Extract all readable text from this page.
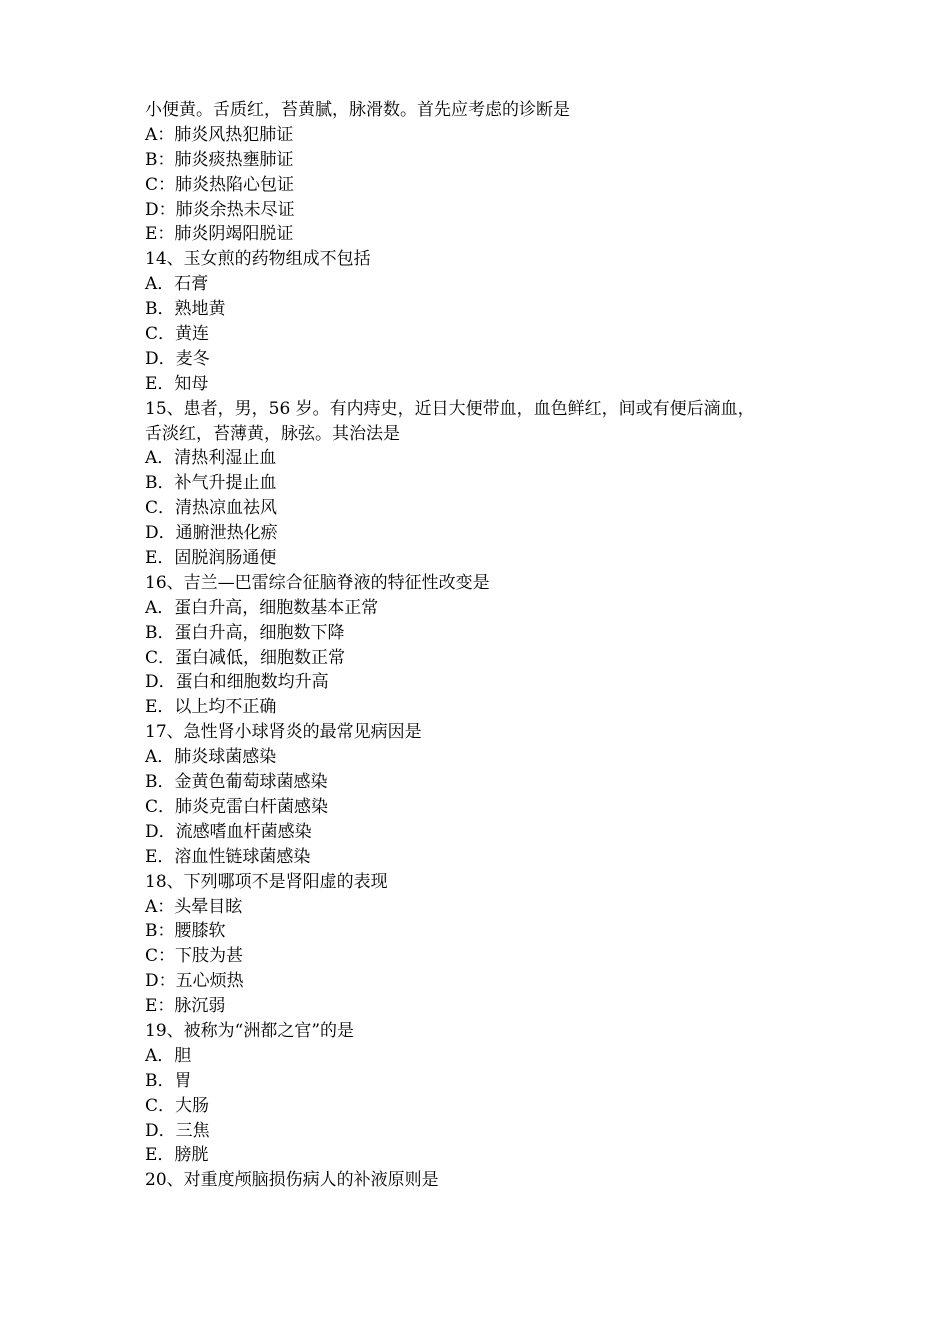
小便黄。舌质红，苔黄腻，脉滑数。首先应考虑的诊断是
A：肺炎风热犯肺证
B：肺炎痰热壅肺证
C：肺炎热陷心包证
D：肺炎余热未尽证
E：肺炎阴竭阳脱证
14、玉女煎的药物组成不包括
A．石膏
B．熟地黄
C．黄连
D．麦冬
E．知母
15、患者，男，56 岁。有内痔史，近日大便带血，血色鲜红，间或有便后滴血，
舌淡红，苔薄黄，脉弦。其治法是
A．清热利湿止血
B．补气升提止血
C．清热凉血祛风
D．通腑泄热化瘀
E．固脱润肠通便
16、吉兰—巴雷综合征脑脊液的特征性改变是
A．蛋白升高，细胞数基本正常
B．蛋白升高，细胞数下降
C．蛋白减低，细胞数正常
D．蛋白和细胞数均升高
E．以上均不正确
17、急性肾小球肾炎的最常见病因是
A．肺炎球菌感染
B．金黄色葡萄球菌感染
C．肺炎克雷白杆菌感染
D．流感嗜血杆菌感染
E．溶血性链球菌感染
18、下列哪项不是肾阳虚的表现
A：头晕目眩
B：腰膝软
C：下肢为甚
D：五心烦热
E：脉沉弱
19、被称为“洲都之官”的是
A．胆
B．胃
C．大肠
D．三焦
E．膀胱
20、对重度颅脑损伤病人的补液原则是
